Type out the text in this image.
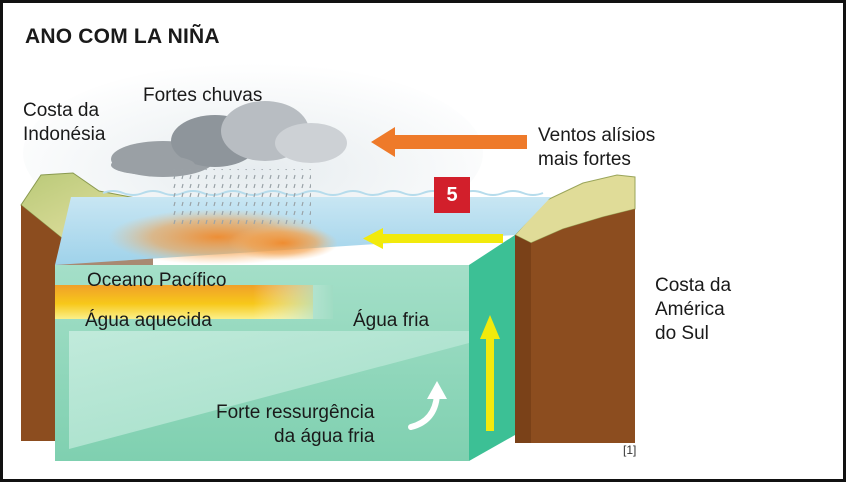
ANO COM LA NIÑA
Costa da
Indonésia
Fortes chuvas
Ventos alísios
mais fortes
Costa da
América
do Sul
Oceano Pacífico
Água aquecida	Água fria
Forte ressurgência
da água fria
5
[1]
